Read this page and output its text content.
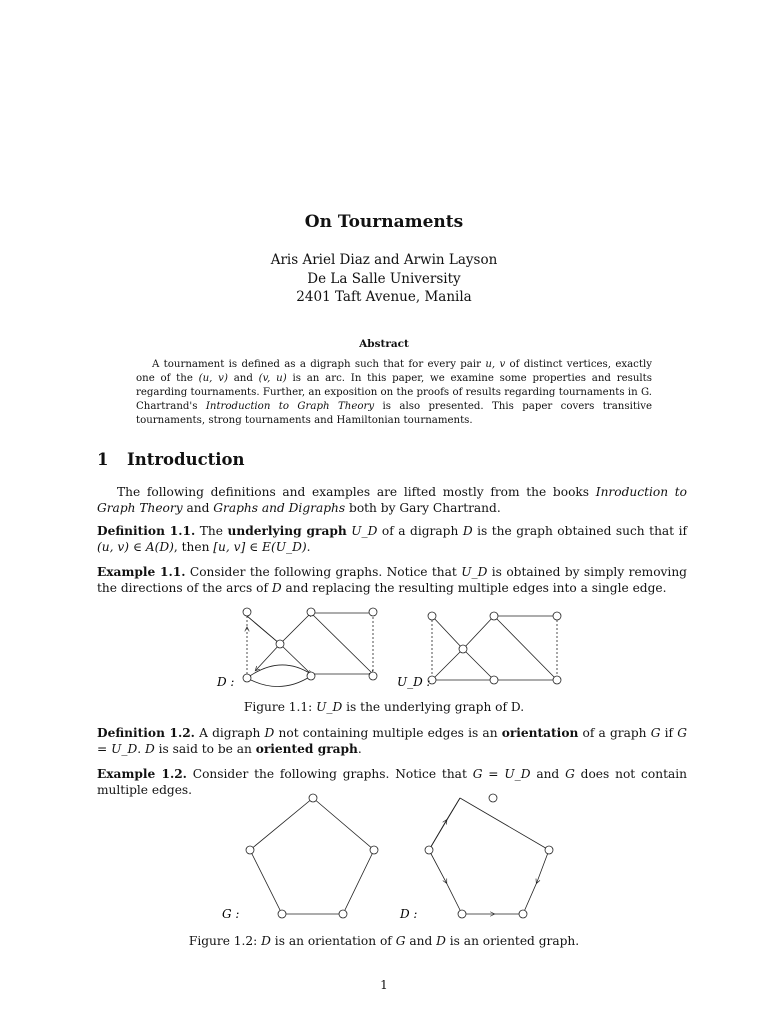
On Tournaments
Aris Ariel Diaz and Arwin Layson
De La Salle University
2401 Taft Avenue, Manila
Abstract
A tournament is defined as a digraph such that for every pair u, v of distinct vertices, exactly one of the (u, v) and (v, u) is an arc. In this paper, we examine some properties and results regarding tournaments. Further, an exposition on the proofs of results regarding tournaments in G. Chartrand's Introduction to Graph Theory is also presented. This paper covers transitive tournaments, strong tournaments and Hamiltonian tournaments.
1 Introduction
The following definitions and examples are lifted mostly from the books Inroduction to Graph Theory and Graphs and Digraphs both by Gary Chartrand.
Definition 1.1. The underlying graph U_D of a digraph D is the graph obtained such that if (u, v) ∈ A(D), then [u, v] ∈ E(U_D).
Example 1.1. Consider the following graphs. Notice that U_D is obtained by simply removing the directions of the arcs of D and replacing the resulting multiple edges into a single edge.
D :	U_D :
Figure 1.1: U_D is the underlying graph of D.
Definition 1.2. A digraph D not containing multiple edges is an orientation of a graph G if G = U_D. D is said to be an oriented graph.
Example 1.2. Consider the following graphs. Notice that G = U_D and G does not contain multiple edges.
G :	D :
Figure 1.2: D is an orientation of G and D is an oriented graph.
1
